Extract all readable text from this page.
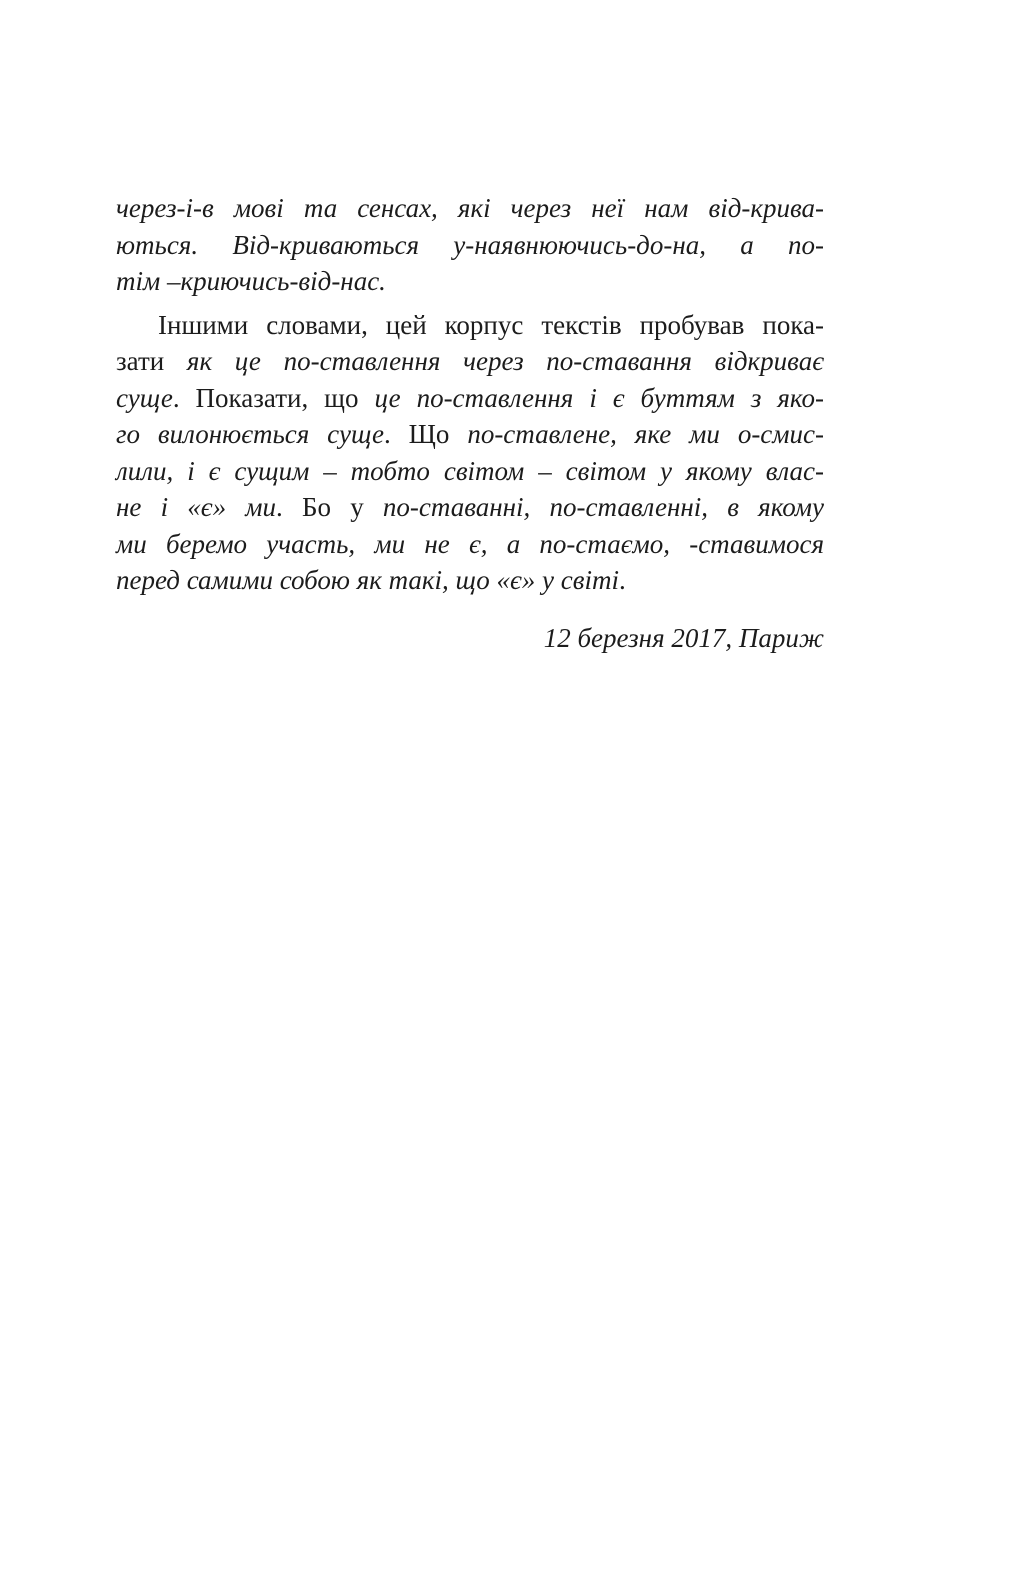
через-і-в мові та сенсах, які через неї нам від-крива-
ються. Від-криваються у-наявнюючись-до-на, а по-
тім –криючись-від-нас.
Іншими словами, цей корпус текстів пробував пока-
зати як це по-ставлення через по-ставання відкриває
суще. Показати, що це по-ставлення і є буттям з яко-
го вилонюється суще. Що по-ставлене, яке ми о-смис-
лили, і є сущим – тобто світом – світом у якому влас-
не і «є» ми. Бо у по-ставанні, по-ставленні, в якому
ми беремо участь, ми не є, а по-стаємо, -ставимося
перед самими собою як такі, що «є» у світі.
12 березня 2017, Париж
